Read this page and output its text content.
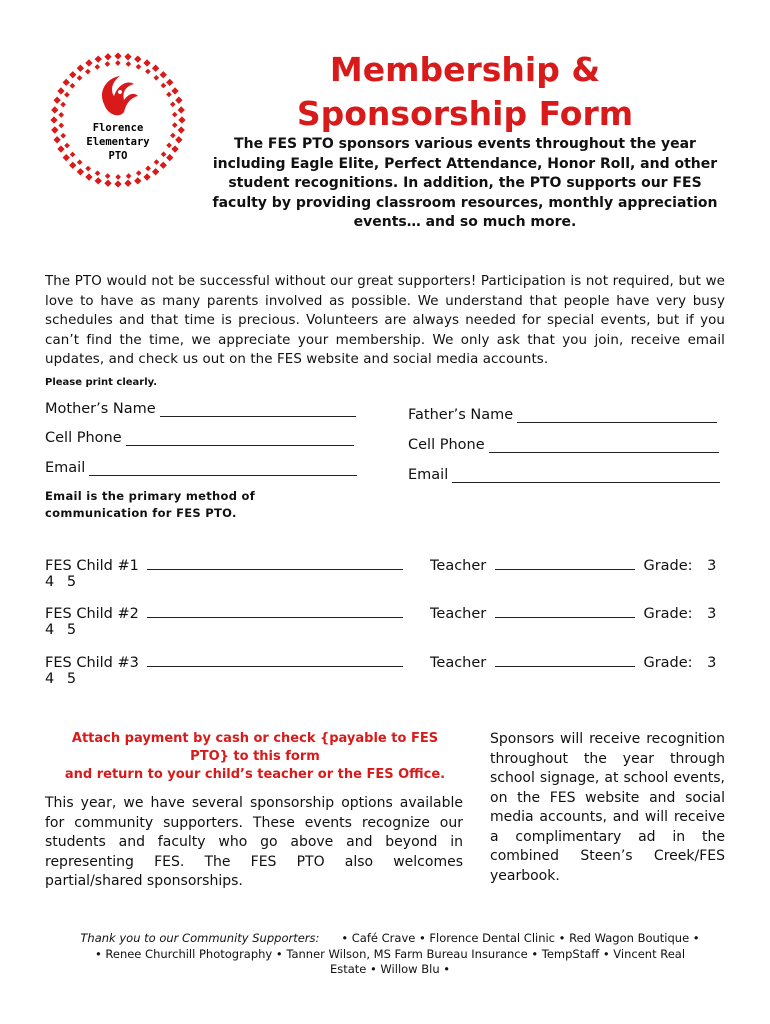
Florence
Elementary
PTO
Membership &
Sponsorship Form
The FES PTO sponsors various events throughout the year including Eagle Elite, Perfect Attendance, Honor Roll, and other student recognitions. In addition, the PTO supports our FES faculty by providing classroom resources, monthly appreciation events… and so much more.
The PTO would not be successful without our great supporters! Participation is not required, but we love to have as many parents involved as possible. We understand that people have very busy schedules and that time is precious. Volunteers are always needed for special events, but if you can’t find the time, we appreciate your membership. We only ask that you join, receive email updates, and check us out on the FES website and social media accounts.
Please print clearly.
Mother’s Name
Cell Phone
Email
Father’s Name
Cell Phone
Email
Email is the primary method of
communication for FES PTO.
FES Child #1	Teacher	Grade: 3
4 5
FES Child #2	Teacher	Grade: 3
4 5
FES Child #3	Teacher	Grade: 3
4 5
Attach payment by cash or check {payable to FES
PTO} to this form
and return to your child’s teacher or the FES Office.
This year, we have several sponsorship options available for community supporters. These events recognize our students and faculty who go above and beyond in representing FES. The FES PTO also welcomes partial/shared sponsorships.
Sponsors will receive recognition throughout the year through school signage, at school events, on the FES website and social media accounts, and will receive a complimentary ad in the combined Steen’s Creek/FES yearbook.
Thank you to our Community Supporters: • Café Crave • Florence Dental Clinic • Red Wagon Boutique •
• Renee Churchill Photography • Tanner Wilson, MS Farm Bureau Insurance • TempStaff • Vincent Real
Estate • Willow Blu •
